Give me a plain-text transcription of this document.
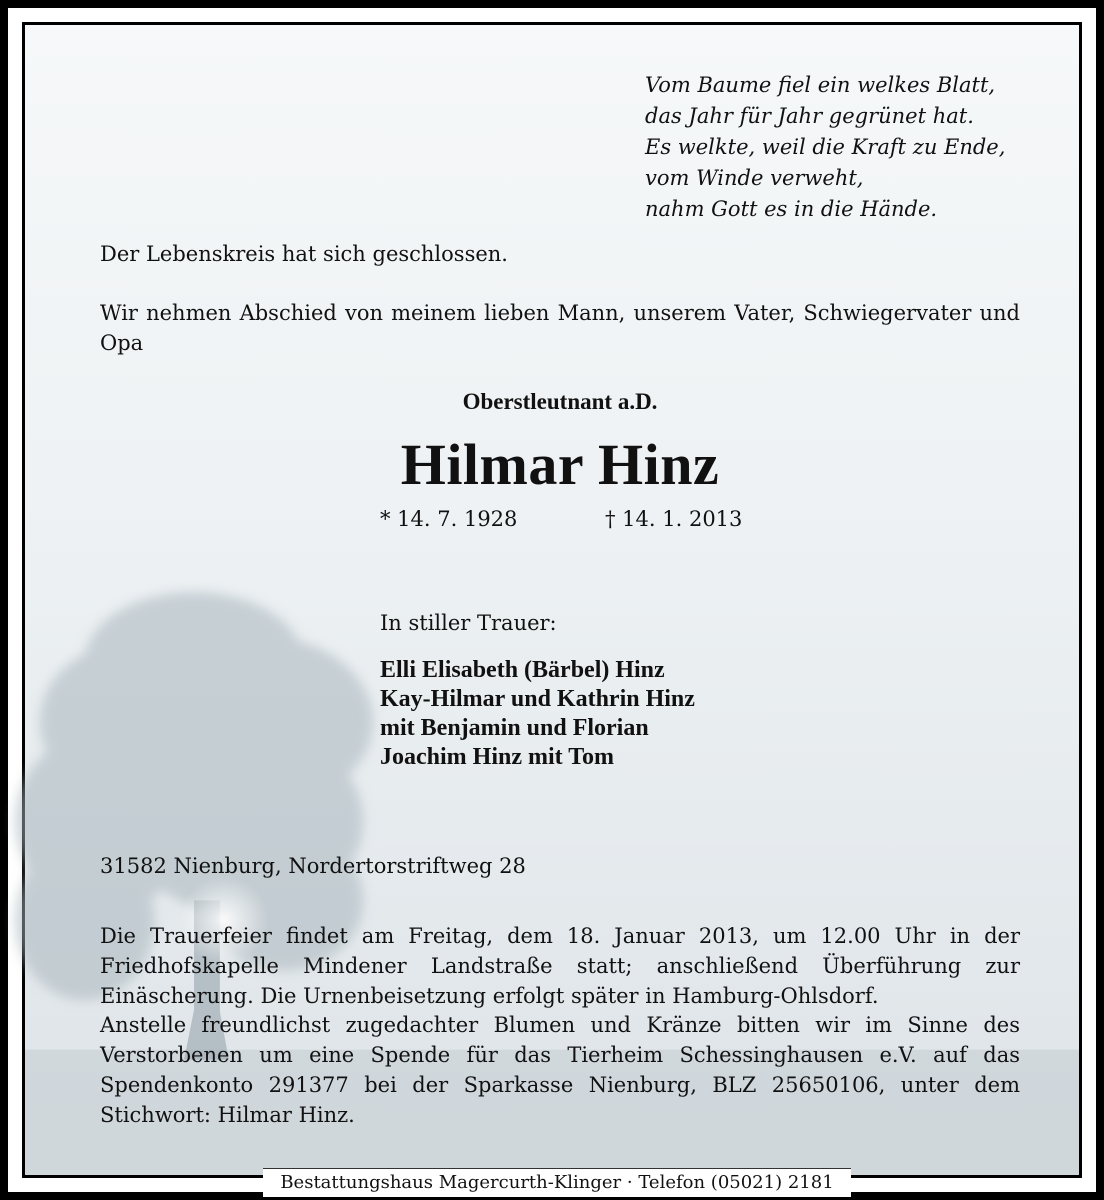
Vom Baume fiel ein welkes Blatt,
das Jahr für Jahr gegrünet hat.
Es welkte, weil die Kraft zu Ende,
vom Winde verweht,
nahm Gott es in die Hände.
Der Lebenskreis hat sich geschlossen.
Wir nehmen Abschied von meinem lieben Mann, unserem Vater, Schwiegervater und Opa
Oberstleutnant a.D.
Hilmar Hinz
* 14. 7. 1928	† 14. 1. 2013
In stiller Trauer:
Elli Elisabeth (Bärbel) Hinz
Kay-Hilmar und Kathrin Hinz
mit Benjamin und Florian
Joachim Hinz mit Tom
31582 Nienburg, Nordertorstriftweg 28
Die Trauerfeier findet am Freitag, dem 18. Januar 2013, um 12.00 Uhr in der Friedhofskapelle Mindener Landstraße statt; anschließend Überführung zur Einäscherung. Die Urnenbeisetzung erfolgt später in Hamburg-Ohlsdorf.
Anstelle freundlichst zugedachter Blumen und Kränze bitten wir im Sinne des Verstorbenen um eine Spende für das Tierheim Schessinghausen e.V. auf das Spendenkonto 291377 bei der Sparkasse Nienburg, BLZ 25650106, unter dem Stichwort: Hilmar Hinz.
Bestattungshaus Magercurth-Klinger · Telefon (05021) 2181
